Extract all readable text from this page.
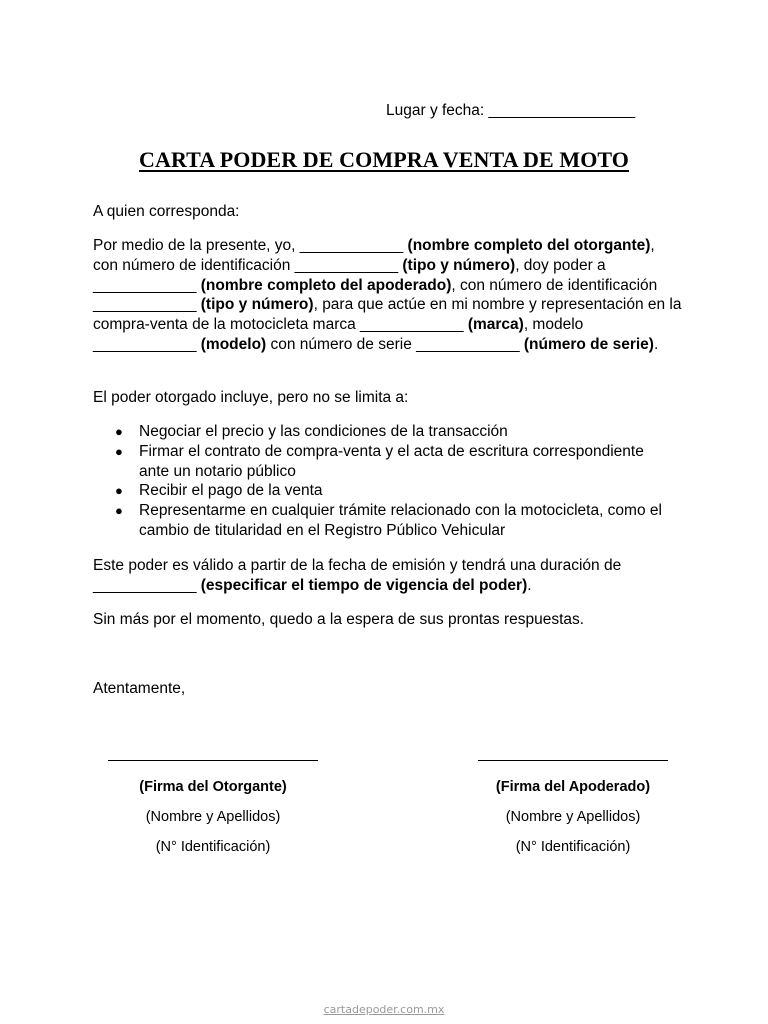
Lugar y fecha: _________________
CARTA PODER DE COMPRA VENTA DE MOTO
A quien corresponda:
Por medio de la presente, yo, ____________ (nombre completo del otorgante), con número de identificación ____________ (tipo y número), doy poder a ____________ (nombre completo del apoderado), con número de identificación ____________ (tipo y número), para que actúe en mi nombre y representación en la compra-venta de la motocicleta marca ____________ (marca), modelo ____________ (modelo) con número de serie ____________ (número de serie).
El poder otorgado incluye, pero no se limita a:
● Negociar el precio y las condiciones de la transacción
● Firmar el contrato de compra-venta y el acta de escritura correspondiente ante un notario público
● Recibir el pago de la venta
● Representarme en cualquier trámite relacionado con la motocicleta, como el cambio de titularidad en el Registro Público Vehicular
Este poder es válido a partir de la fecha de emisión y tendrá una duración de ____________ (especificar el tiempo de vigencia del poder).
Sin más por el momento, quedo a la espera de sus prontas respuestas.
Atentamente,
(Firma del Otorgante)
(Nombre y Apellidos)
(N° Identificación)
(Firma del Apoderado)
(Nombre y Apellidos)
(N° Identificación)
cartadepoder.com.mx
